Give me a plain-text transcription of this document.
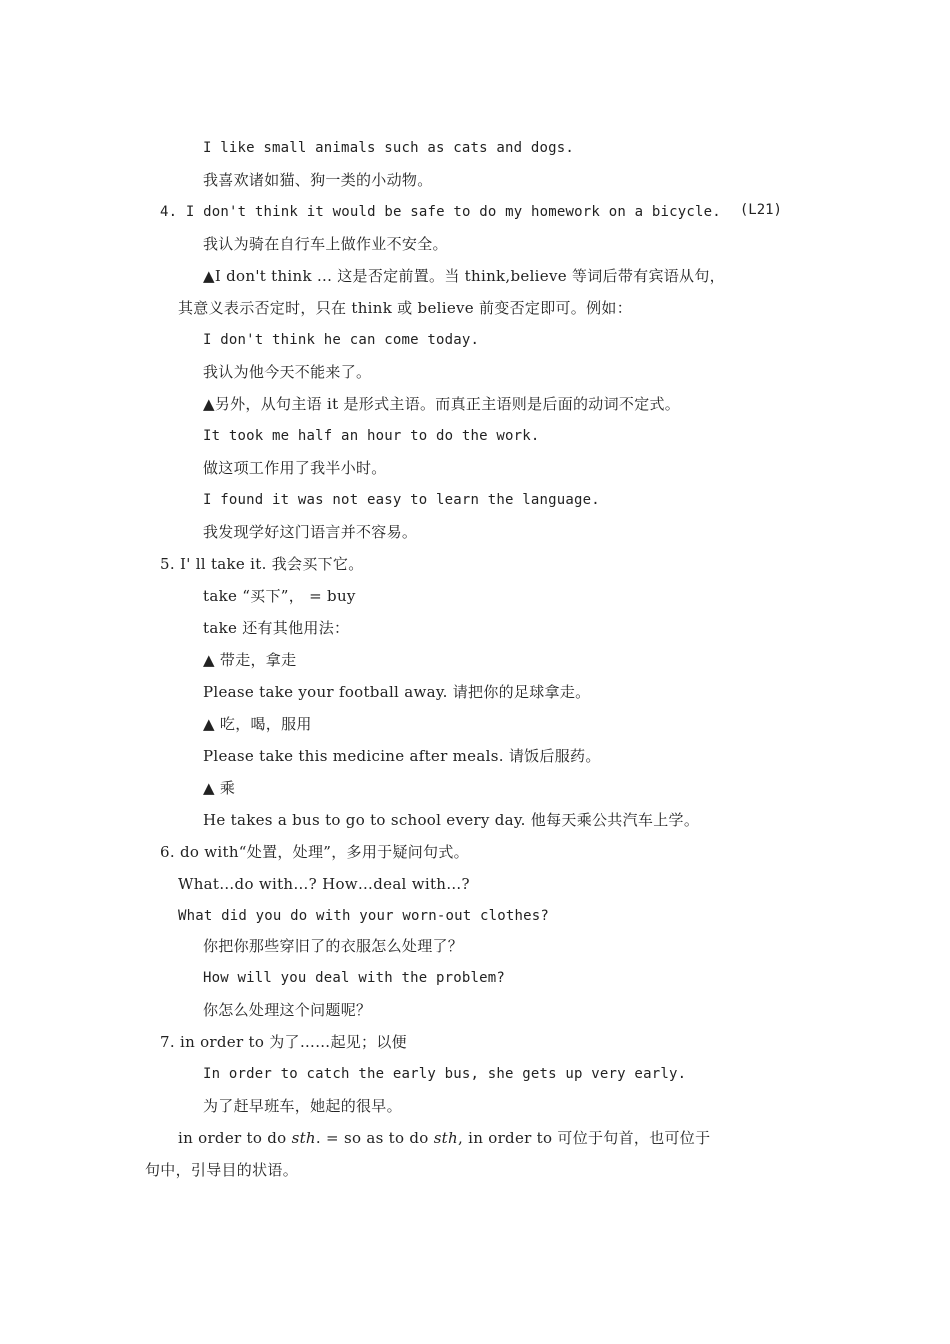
I like small animals such as cats and dogs.
我喜欢诸如猫、狗一类的小动物。
4. I don't think it would be safe to do my homework on a bicycle. (L21)
我认为骑在自行车上做作业不安全。
▲I don't think ... 这是否定前置。当 think,believe 等词后带有宾语从句，
其意义表示否定时，只在 think 或 believe 前变否定即可。例如：
I don't think he can come today.
我认为他今天不能来了。
▲另外，从句主语 it 是形式主语。而真正主语则是后面的动词不定式。
It took me half an hour to do the work.
做这项工作用了我半小时。
I found it was not easy to learn the language.
我发现学好这门语言并不容易。
5. I' ll take it. 我会买下它。
take “买下”， = buy
take 还有其他用法：
▲ 带走，拿走
Please take your football away. 请把你的足球拿走。
▲ 吃，喝，服用
Please take this medicine after meals. 请饭后服药。
▲ 乘
He takes a bus to go to school every day. 他每天乘公共汽车上学。
6. do with“处置，处理”，多用于疑问句式。
What…do with…? How…deal with…?
What did you do with your worn-out clothes?
你把你那些穿旧了的衣服怎么处理了？
How will you deal with the problem?
你怎么处理这个问题呢？
7. in order to 为了……起见；以便
In order to catch the early bus, she gets up very early.
为了赶早班车，她起的很早。
in order to do sth. = so as to do sth, in order to 可位于句首，也可位于
句中，引导目的状语。
